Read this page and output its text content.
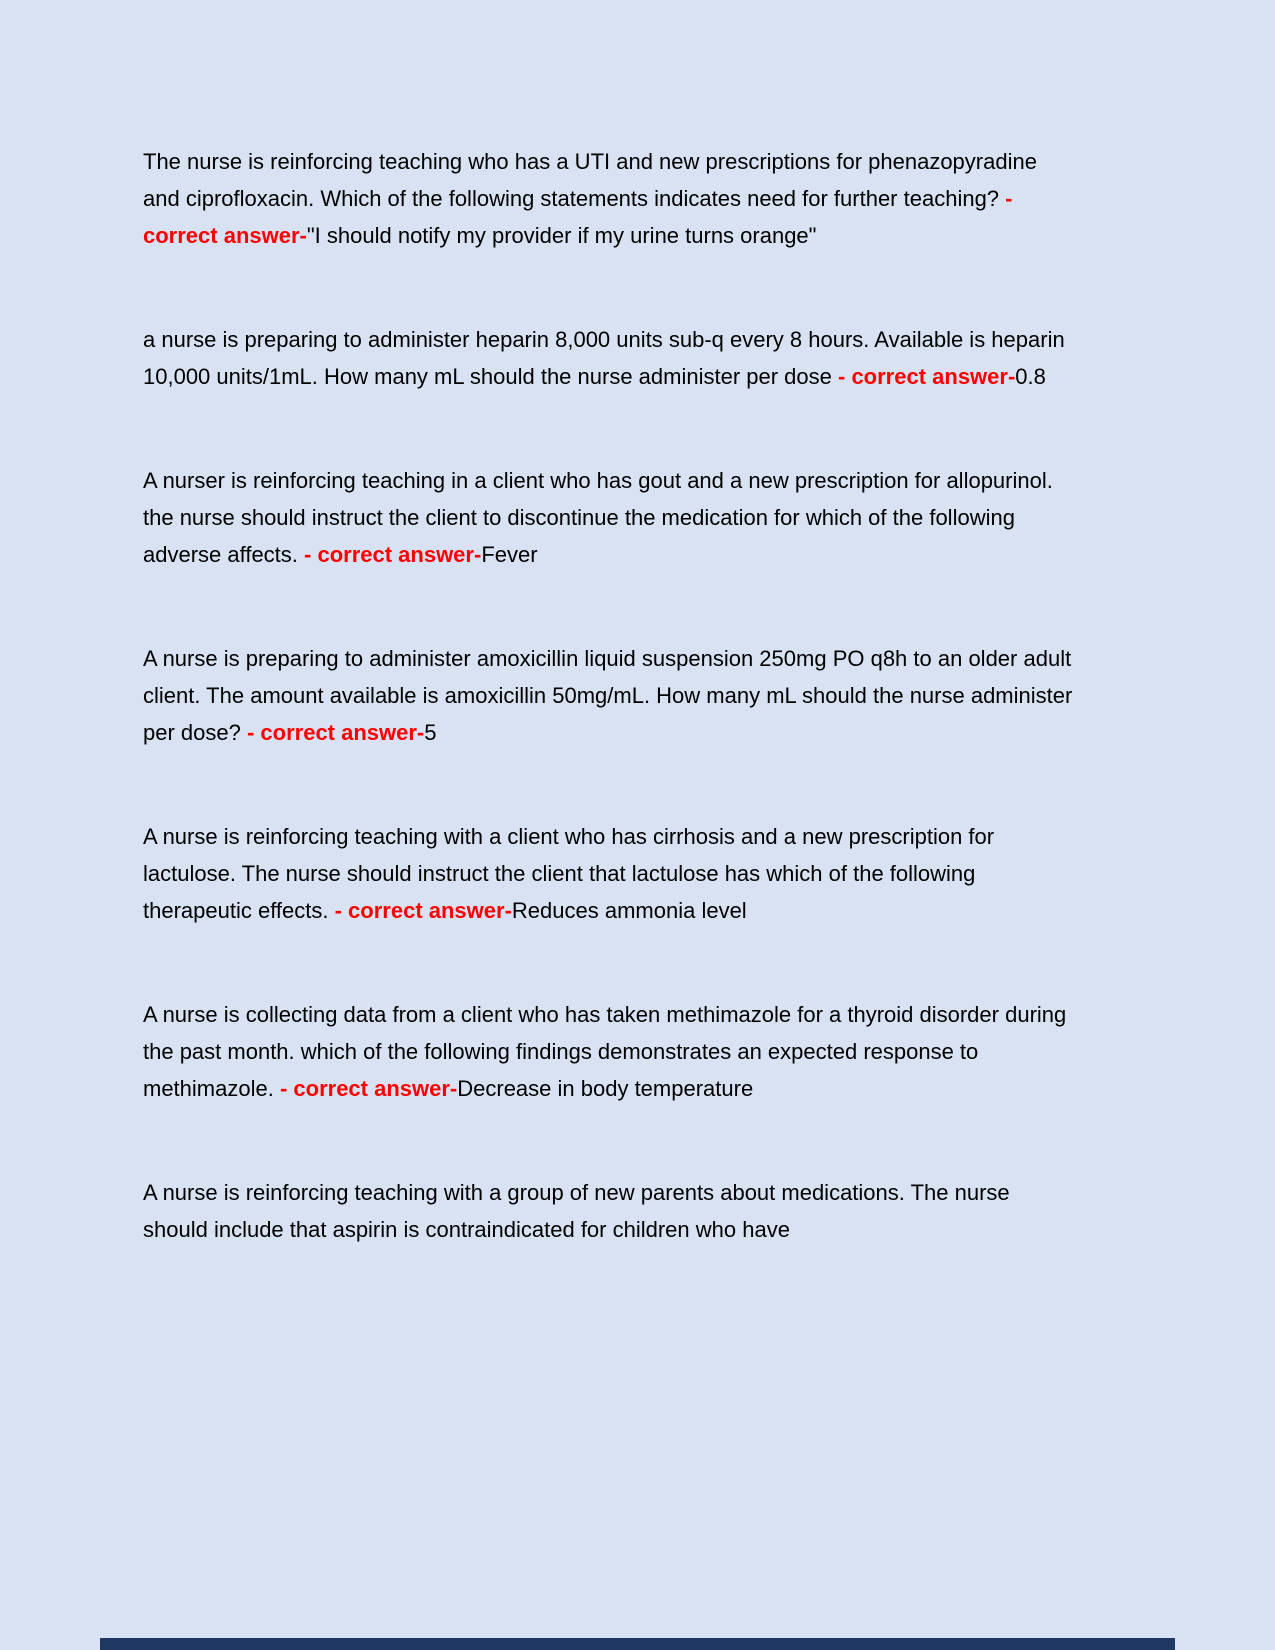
The nurse is reinforcing teaching who has a UTI and new prescriptions for phenazopyradine and ciprofloxacin. Which of the following statements indicates need for further teaching? - correct answer-"I should notify my provider if my urine turns orange"

a nurse is preparing to administer heparin 8,000 units sub-q every 8 hours. Available is heparin 10,000 units/1mL. How many mL should the nurse administer per dose - correct answer-0.8

A nurser is reinforcing teaching in a client who has gout and a new prescription for allopurinol. the nurse should instruct the client to discontinue the medication for which of the following adverse affects. - correct answer-Fever

A nurse is preparing to administer amoxicillin liquid suspension 250mg PO q8h to an older adult client. The amount available is amoxicillin 50mg/mL. How many mL should the nurse administer per dose? - correct answer-5

A nurse is reinforcing teaching with a client who has cirrhosis and a new prescription for lactulose. The nurse should instruct the client that lactulose has which of the following therapeutic effects. - correct answer-Reduces ammonia level

A nurse is collecting data from a client who has taken methimazole for a thyroid disorder during the past month. which of the following findings demonstrates an expected response to methimazole. - correct answer-Decrease in body temperature

A nurse is reinforcing teaching with a group of new parents about medications. The nurse should include that aspirin is contraindicated for children who have
